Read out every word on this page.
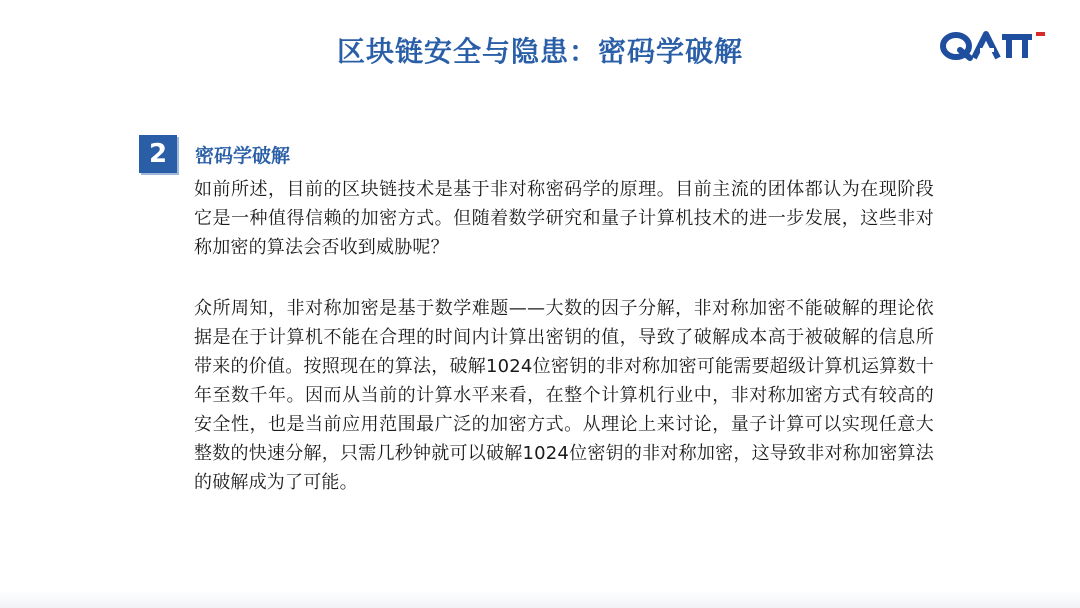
区块链安全与隐患：密码学破解
2	密码学破解
如前所述，目前的区块链技术是基于非对称密码学的原理。目前主流的团体都认为在现阶段它是一种值得信赖的加密方式。但随着数学研究和量子计算机技术的进一步发展，这些非对称加密的算法会否收到威胁呢？
众所周知，非对称加密是基于数学难题——大数的因子分解，非对称加密不能破解的理论依据是在于计算机不能在合理的时间内计算出密钥的值，导致了破解成本高于被破解的信息所带来的价值。按照现在的算法，破解1024位密钥的非对称加密可能需要超级计算机运算数十年至数千年。因而从当前的计算水平来看，在整个计算机行业中，非对称加密方式有较高的安全性，也是当前应用范围最广泛的加密方式。从理论上来讨论，量子计算可以实现任意大整数的快速分解，只需几秒钟就可以破解1024位密钥的非对称加密，这导致非对称加密算法的破解成为了可能。
